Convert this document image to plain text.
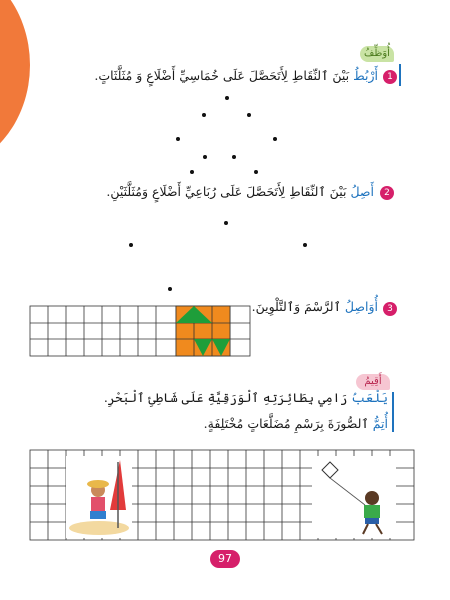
أُوَظِّفُ
1
أَرْبُطُ بَيْنَ ٱلنِّقَاطِ لِأَتَحَصَّلَ عَلَى خُمَاسِيِّ أَضْلَاعٍ وَ مُثَلَّثَاتٍ.
2
أَصِلُ بَيْنَ ٱلنِّقَاطِ لِأَتَحَصَّلَ عَلَى رُبَاعِيِّ أَضْلَاعٍ وَمُثَلَّثَيْنِ.
3
أُوَاصِلُ ٱلرَّسْمَ وَٱلتَّلْوِينَ.
أَقِيمُ
يَلْعَبُ رَامِي بِطَائِرَتِهِ ٱلْوَرَقِيَّةِ عَلَى شَاطِئِ ٱلْبَحْرِ.
أُتِمُّ ٱلصُّورَةَ بِرَسْمِ مُضَلَّعَاتٍ مُخْتَلِفَةٍ.
97
